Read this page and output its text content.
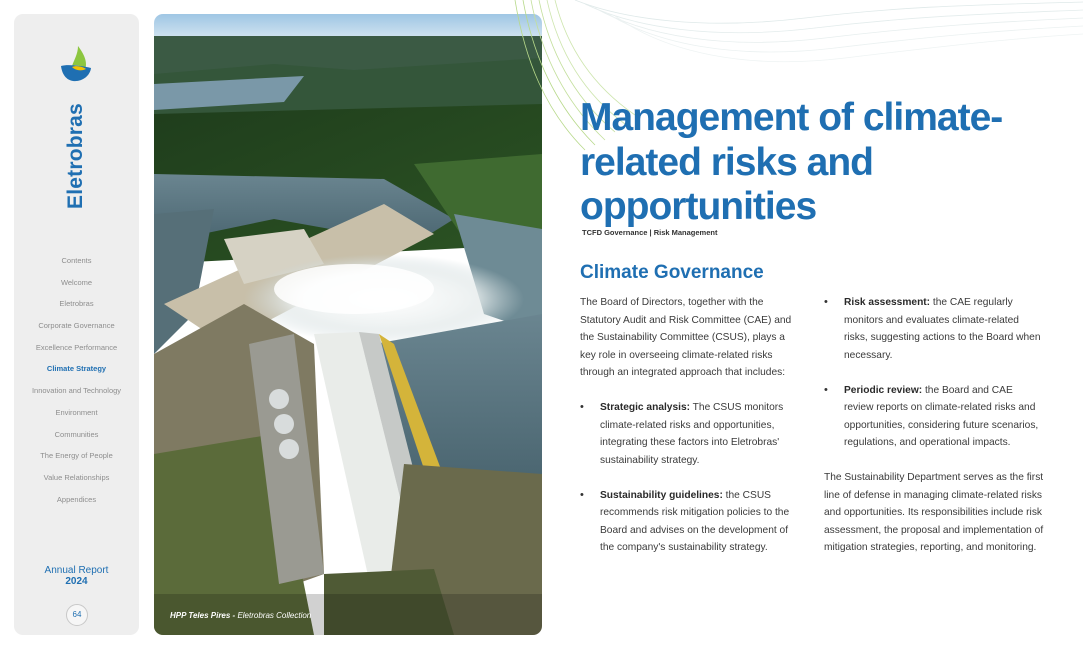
Eletrobras
Contents
Welcome
Eletrobras
Corporate Governance
Excellence Performance
Climate Strategy
Innovation and Technology
Environment
Communities
The Energy of People
Value Relationships
Appendices
Annual Report
2024
64	HPP Teles Pires - Eletrobras Collection
Management of climate-related risks and opportunities
TCFD Governance | Risk Management
Climate Governance

The Board of Directors, together with the Statutory Audit and Risk Committee (CAE) and the Sustainability Committee (CSUS), plays a key role in overseeing climate-related risks through an integrated approach that includes:

• Strategic analysis: The CSUS monitors climate-related risks and opportunities, integrating these factors into Eletrobras' sustainability strategy.
• Sustainability guidelines: the CSUS recommends risk mitigation policies to the Board and advises on the development of the company's sustainability strategy.
• Risk assessment: the CAE regularly monitors and evaluates climate-related risks, suggesting actions to the Board when necessary.
• Periodic review: the Board and CAE review reports on climate-related risks and opportunities, considering future scenarios, regulations, and operational impacts.

The Sustainability Department serves as the first line of defense in managing climate-related risks and opportunities. Its responsibilities include risk assessment, the proposal and implementation of mitigation strategies, reporting, and monitoring.
